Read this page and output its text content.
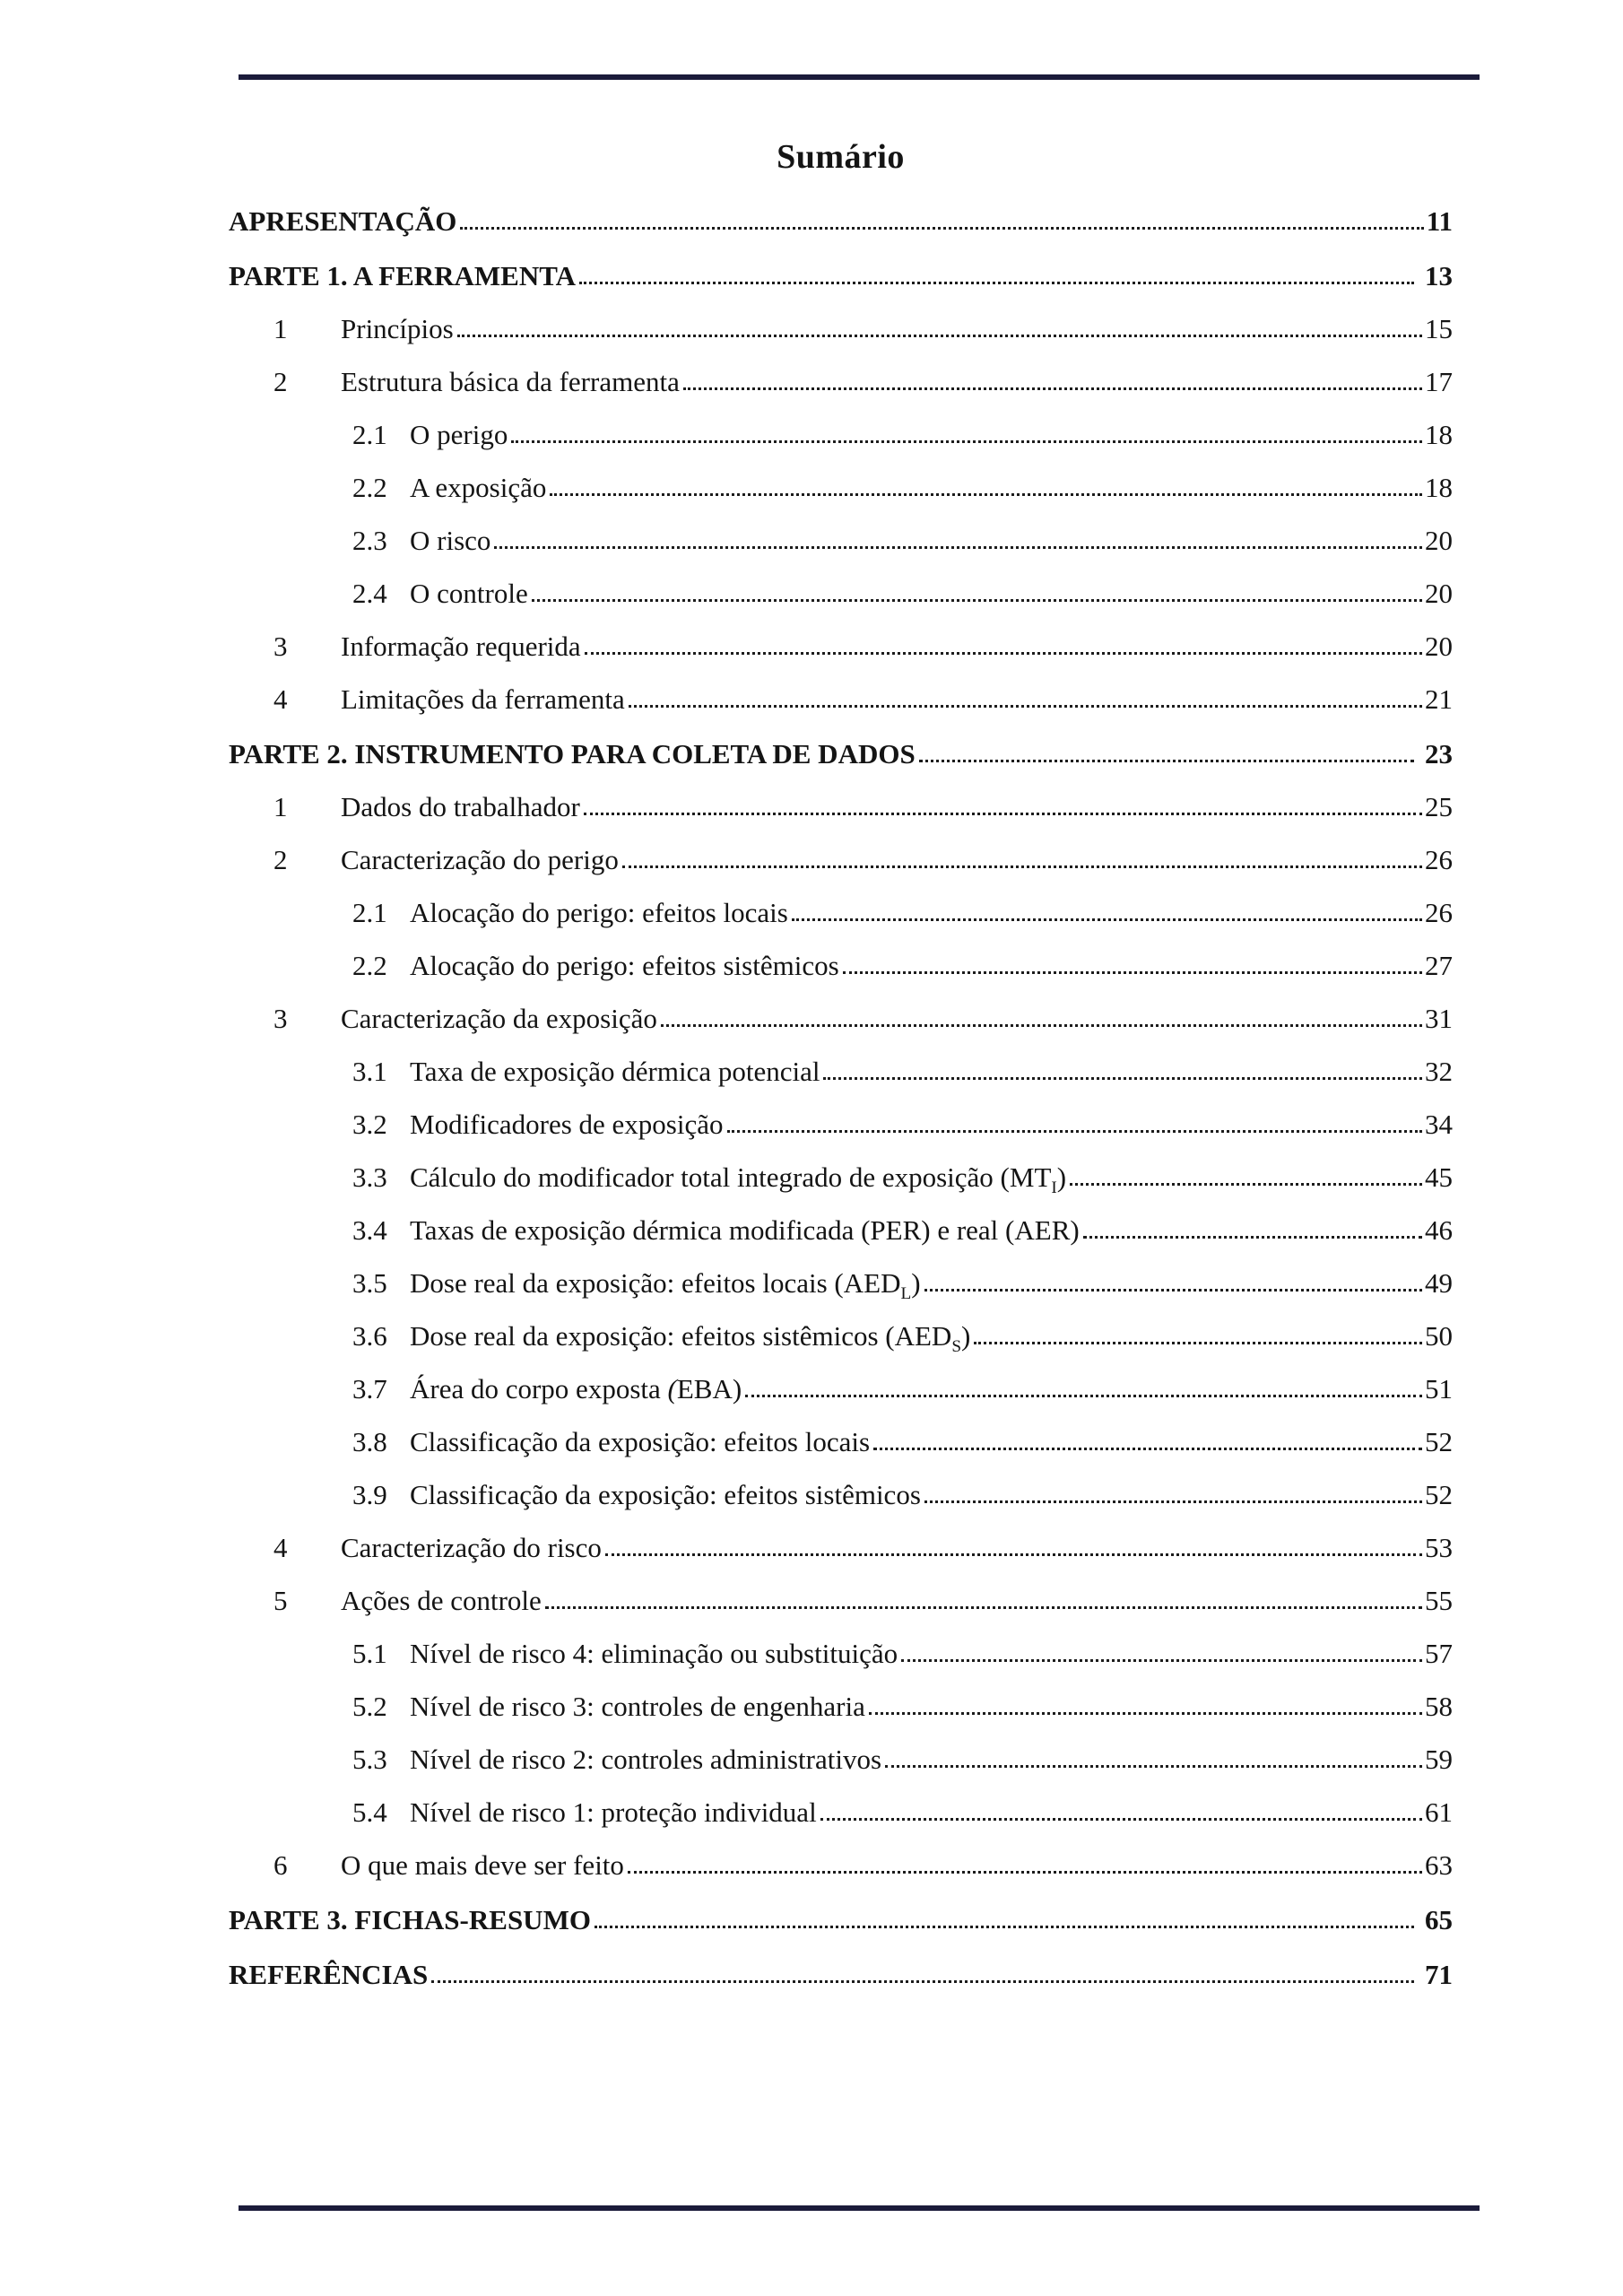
Sumário
APRESENTAÇÃO	11
PARTE 1. A FERRAMENTA	13
1	Princípios	15
2	Estrutura básica da ferramenta	17
2.1 O perigo	18
2.2 A exposição	18
2.3 O risco	20
2.4 O controle	20
3	Informação requerida	20
4	Limitações da ferramenta	21
PARTE 2. INSTRUMENTO PARA COLETA DE DADOS	23
1	Dados do trabalhador	25
2	Caracterização do perigo	26
2.1 Alocação do perigo: efeitos locais	26
2.2 Alocação do perigo: efeitos sistêmicos	27
3	Caracterização da exposição	31
3.1 Taxa de exposição dérmica potencial	32
3.2 Modificadores de exposição	34
3.3 Cálculo do modificador total integrado de exposição $(MT_I)$	45
3.4 Taxas de exposição dérmica modificada (PER) e real (AER)	46
3.5 Dose real da exposição: efeitos locais $(AED_L)$	49
3.6 Dose real da exposição: efeitos sistêmicos $(AED_S)$	50
3.7 Área do corpo exposta (EBA)	51
3.8 Classificação da exposição: efeitos locais	52
3.9 Classificação da exposição: efeitos sistêmicos	52
4	Caracterização do risco	53
5	Ações de controle	55
5.1 Nível de risco 4: eliminação ou substituição	57
5.2 Nível de risco 3: controles de engenharia	58
5.3 Nível de risco 2: controles administrativos	59
5.4 Nível de risco 1: proteção individual	61
6	O que mais deve ser feito	63
PARTE 3. FICHAS-RESUMO	65
REFERÊNCIAS	71
